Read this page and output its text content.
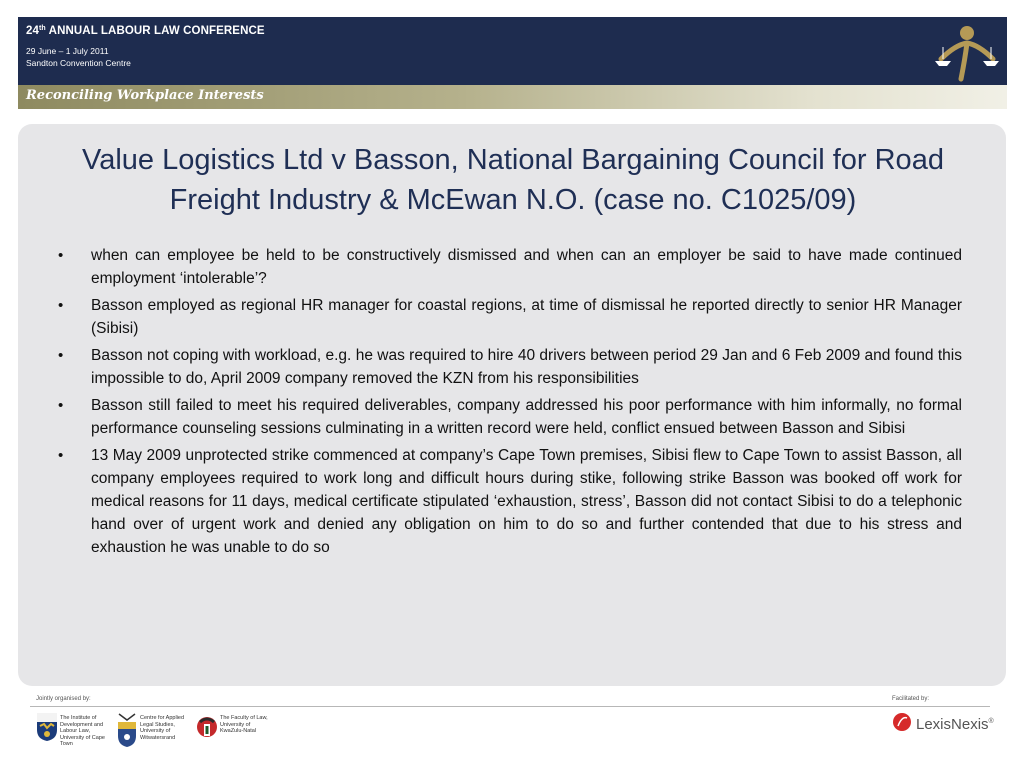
24th ANNUAL LABOUR LAW CONFERENCE
29 June – 1 July 2011
Sandton Convention Centre
Reconciling Workplace Interests
Value Logistics Ltd v Basson, National Bargaining Council for Road Freight Industry & McEwan N.O. (case no. C1025/09)
• when can employee be held to be constructively dismissed and when can an employer be said to have made continued employment ‘intolerable’?
• Basson employed as regional HR manager for coastal regions, at time of dismissal he reported directly to senior HR Manager (Sibisi)
• Basson not coping with workload, e.g. he was required to hire 40 drivers between period 29 Jan and 6 Feb 2009 and found this impossible to do, April 2009 company removed the KZN from his responsibilities
• Basson still failed to meet his required deliverables, company addressed his poor performance with him informally, no formal performance counseling sessions culminating in a written record were held, conflict ensued between Basson and Sibisi
• 13 May 2009 unprotected strike commenced at company’s Cape Town premises, Sibisi flew to Cape Town to assist Basson, all company employees required to work long and difficult hours during stike, following strike Basson was booked off work for medical reasons for 11 days, medical certificate stipulated ‘exhaustion, stress’, Basson did not contact Sibisi to do a telephonic hand over of urgent work and denied any obligation on him to do so and further contended that due to his stress and exhaustion he was unable to do so
Jointly organised by:	Facilitated by:
The Institute of Development and Labour Law, University of Cape Town
Centre for Applied Legal Studies, University of Witwatersrand
The Faculty of Law, University of KwaZulu-Natal	LexisNexis®
